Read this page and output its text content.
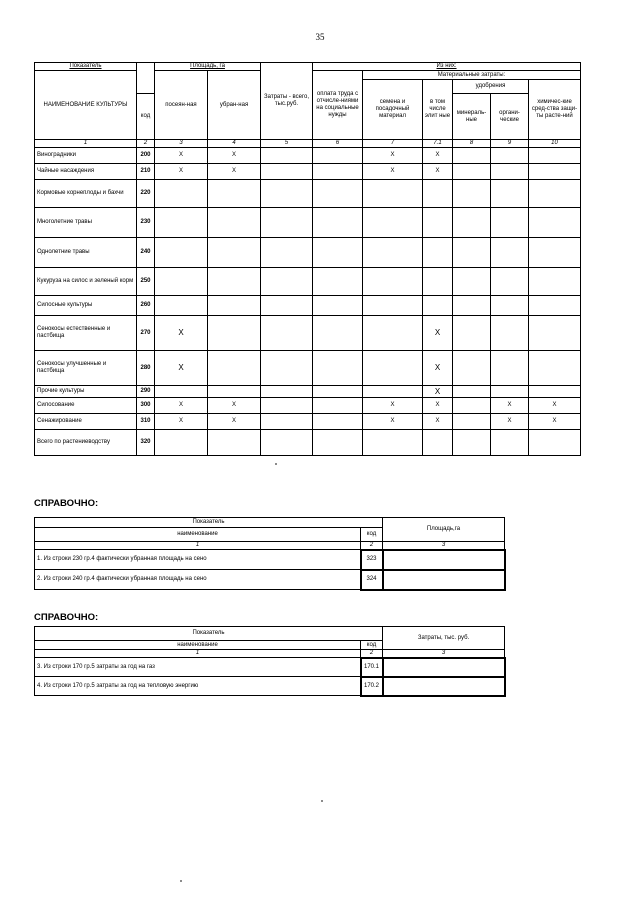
35
Показатель		Площадь, га		Затраты - всего, тыс.руб.	Из них:					
НАИМЕНОВАНИЕ КУЛЬТУРЫ		посеян-ная	убран-ная		оплата труда с отчисле-ниями на социальные нужды	Материальные затраты:				
						семена и посадочный материал	в том числе элит ные	удобрения		химичес-кие сред-ства защи-ты расте-ний
	код							минераль-ные	органи-ческие	
1	2	3	4	5	6	7	7.1	8	9	10
Виноградники	200	X	X			X	X			
Чайные насаждения	210	X	X			X	X			
Кормовые корнеплоды и бахчи	220									
Многолетние травы	230									
Однолетние травы	240									
Кукуруза на силос и зеленый корм	250									
Силосные культуры	260									
Сенокосы естественные и пастбища	270	X					X			
Сенокосы улучшенные и пастбища	280	X					X			
Прочие культуры	290						X			
Силосование	300	X	X			X	X		X	X
Сенажирование	310	X	X			X	X		X	X
Всего по растениеводству	320									
СПРАВОЧНО:
Показатель		Площадь,га
наименование	код	
1	2	3
1. Из строки 230 гр.4 фактически убранная площадь на сено	323	
2. Из строки 240 гр.4 фактически убранная площадь на сено	324	
СПРАВОЧНО:
Показатель		Затраты, тыс. руб.
наименование	код	
1	2	3
3. Из строки 170 гр.5 затраты за год на газ	170.1	
4. Из строки 170 гр.5 затраты за год на тепловую энергию	170.2	
